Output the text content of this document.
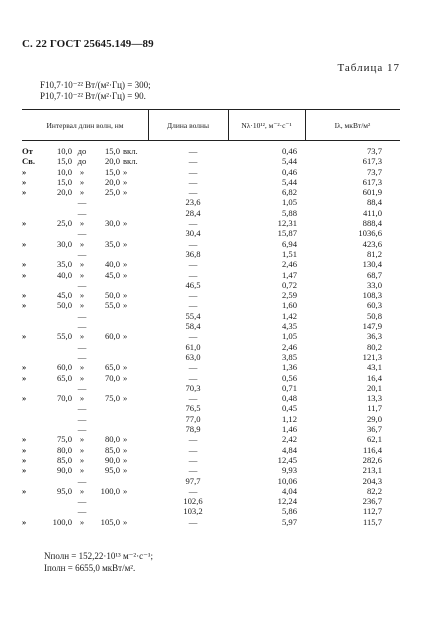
С. 22 ГОСТ 25645.149—89
Таблица 17
F10,7·10⁻²² Вт/(м²·Гц) = 300;
P10,7·10⁻²² Вт/(м²·Гц) = 90.
Интервал длин волн, нм	Длина волны	Nλ·10¹², м⁻²·с⁻¹	Iλ, мкВт/м²
От	10,0 до	15,0 вкл.	—	0,46	73,7
Св.	15,0 до	20,0 вкл.	—	5,44	617,3
»	10,0 »	15,0 »	—	0,46	73,7
»	15,0 »	20,0 »	—	5,44	617,3
»	20,0 »	25,0 »	—	6,82	601,9
—	23,6	1,05	88,4
—	28,4	5,88	411,0
»	25,0 »	30,0 »	—	12,31	888,4
—	30,4	15,87	1036,6
»	30,0 »	35,0 »	—	6,94	423,6
—	36,8	1,51	81,2
»	35,0 »	40,0 »	—	2,46	130,4
»	40,0 »	45,0 »	—	1,47	68,7
—	46,5	0,72	33,0
»	45,0 »	50,0 »	—	2,59	108,3
»	50,0 »	55,0 »	—	1,60	60,3
—	55,4	1,42	50,8
—	58,4	4,35	147,9
»	55,0 »	60,0 »	—	1,05	36,3
—	61,0	2,46	80,2
—	63,0	3,85	121,3
»	60,0 »	65,0 »	—	1,36	43,1
»	65,0 »	70,0 »	—	0,56	16,4
—	70,3	0,71	20,1
»	70,0 »	75,0 »	—	0,48	13,3
—	76,5	0,45	11,7
—	77,0	1,12	29,0
—	78,9	1,46	36,7
»	75,0 »	80,0 »	—	2,42	62,1
»	80,0 »	85,0 »	—	4,84	116,4
»	85,0 »	90,0 »	—	12,45	282,6
»	90,0 »	95,0 »	—	9,93	213,1
—	97,7	10,06	204,3
»	95,0 »	100,0 »	—	4,04	82,2
—	102,6	12,24	236,7
—	103,2	5,86	112,7
»	100,0 »	105,0 »	—	5,97	115,7
Nполн = 152,22·10¹³ м⁻²·с⁻¹;
Iполн = 6655,0 мкВт/м².
